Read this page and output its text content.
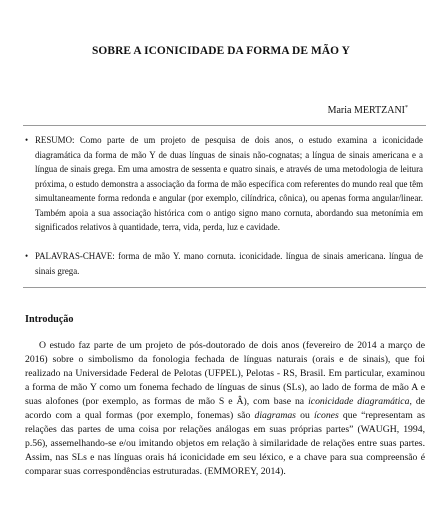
SOBRE A ICONICIDADE DA FORMA DE MÃO Y
Maria MERTZANI*
• RESUMO: Como parte de um projeto de pesquisa de dois anos, o estudo examina a iconicidade diagramática da forma de mão Y de duas línguas de sinais não-cognatas; a língua de sinais americana e a língua de sinais grega. Em uma amostra de sessenta e quatro sinais, e através de uma metodologia de leitura próxima, o estudo demonstra a associação da forma de mão específica com referentes do mundo real que têm simultaneamente forma redonda e angular (por exemplo, cilíndrica, cônica), ou apenas forma angular/linear. Também apoia a sua associação histórica com o antigo signo mano cornuta, abordando sua metonímia em significados relativos à quantidade, terra, vida, perda, luz e cavidade.
• PALAVRAS-CHAVE: forma de mão Y. mano cornuta. iconicidade. língua de sinais americana. língua de sinais grega.
Introdução

O estudo faz parte de um projeto de pós-doutorado de dois anos (fevereiro de 2014 a março de 2016) sobre o simbolismo da fonologia fechada de línguas naturais (orais e de sinais), que foi realizado na Universidade Federal de Pelotas (UFPEL), Pelotas - RS, Brasil. Em particular, examinou a forma de mão Y como um fonema fechado de línguas de sinus (SLs), ao lado de forma de mão A e suas alofones (por exemplo, as formas de mão S e Â), com base na iconicidade diagramática, de acordo com a qual formas (por exemplo, fonemas) são diagramas ou ícones que “representam as relações das partes de uma coisa por relações análogas em suas próprias partes” (WAUGH, 1994, p.56), assemelhando-se e/ou imitando objetos em relação à similaridade de relações entre suas partes. Assim, nas SLs e nas línguas orais há iconicidade em seu léxico, e a chave para sua compreensão é comparar suas correspondências estruturadas. (EMMOREY, 2014).
